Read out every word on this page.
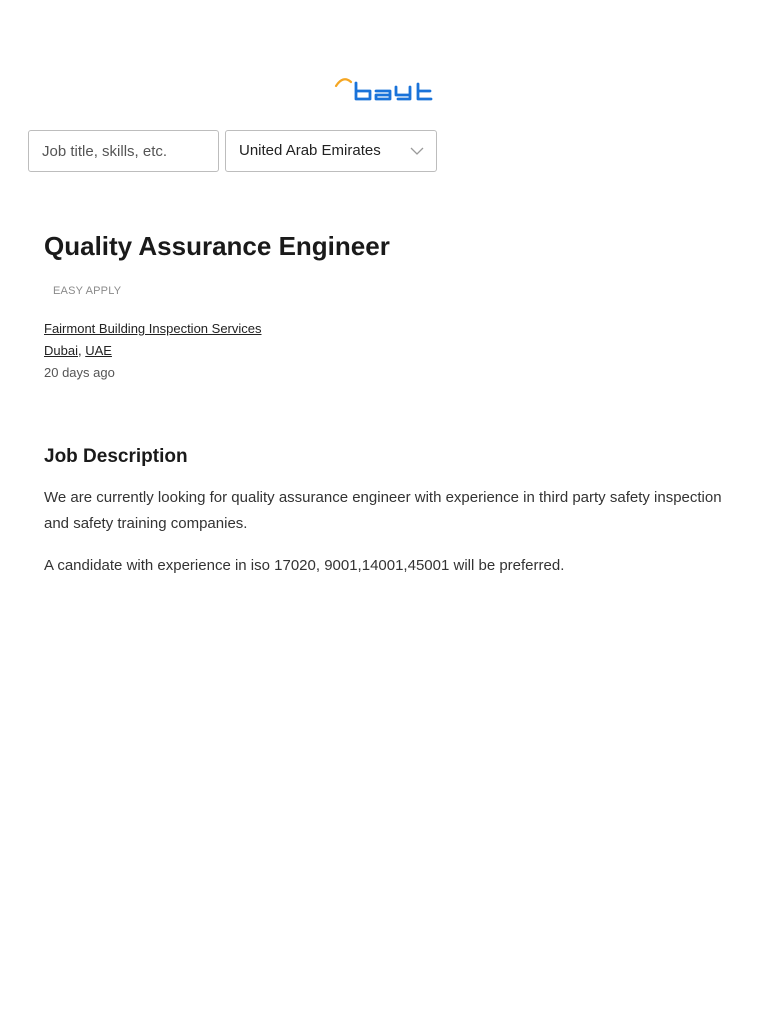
Job title, skills, etc.
United Arab Emirates
Quality Assurance Engineer
EASY APPLY
Fairmont Building Inspection Services
Dubai, UAE
20 days ago
Job Description

We are currently looking for quality assurance engineer with experience in third party safety inspection and safety training companies.

A candidate with experience in iso 17020, 9001,14001,45001 will be preferred.
